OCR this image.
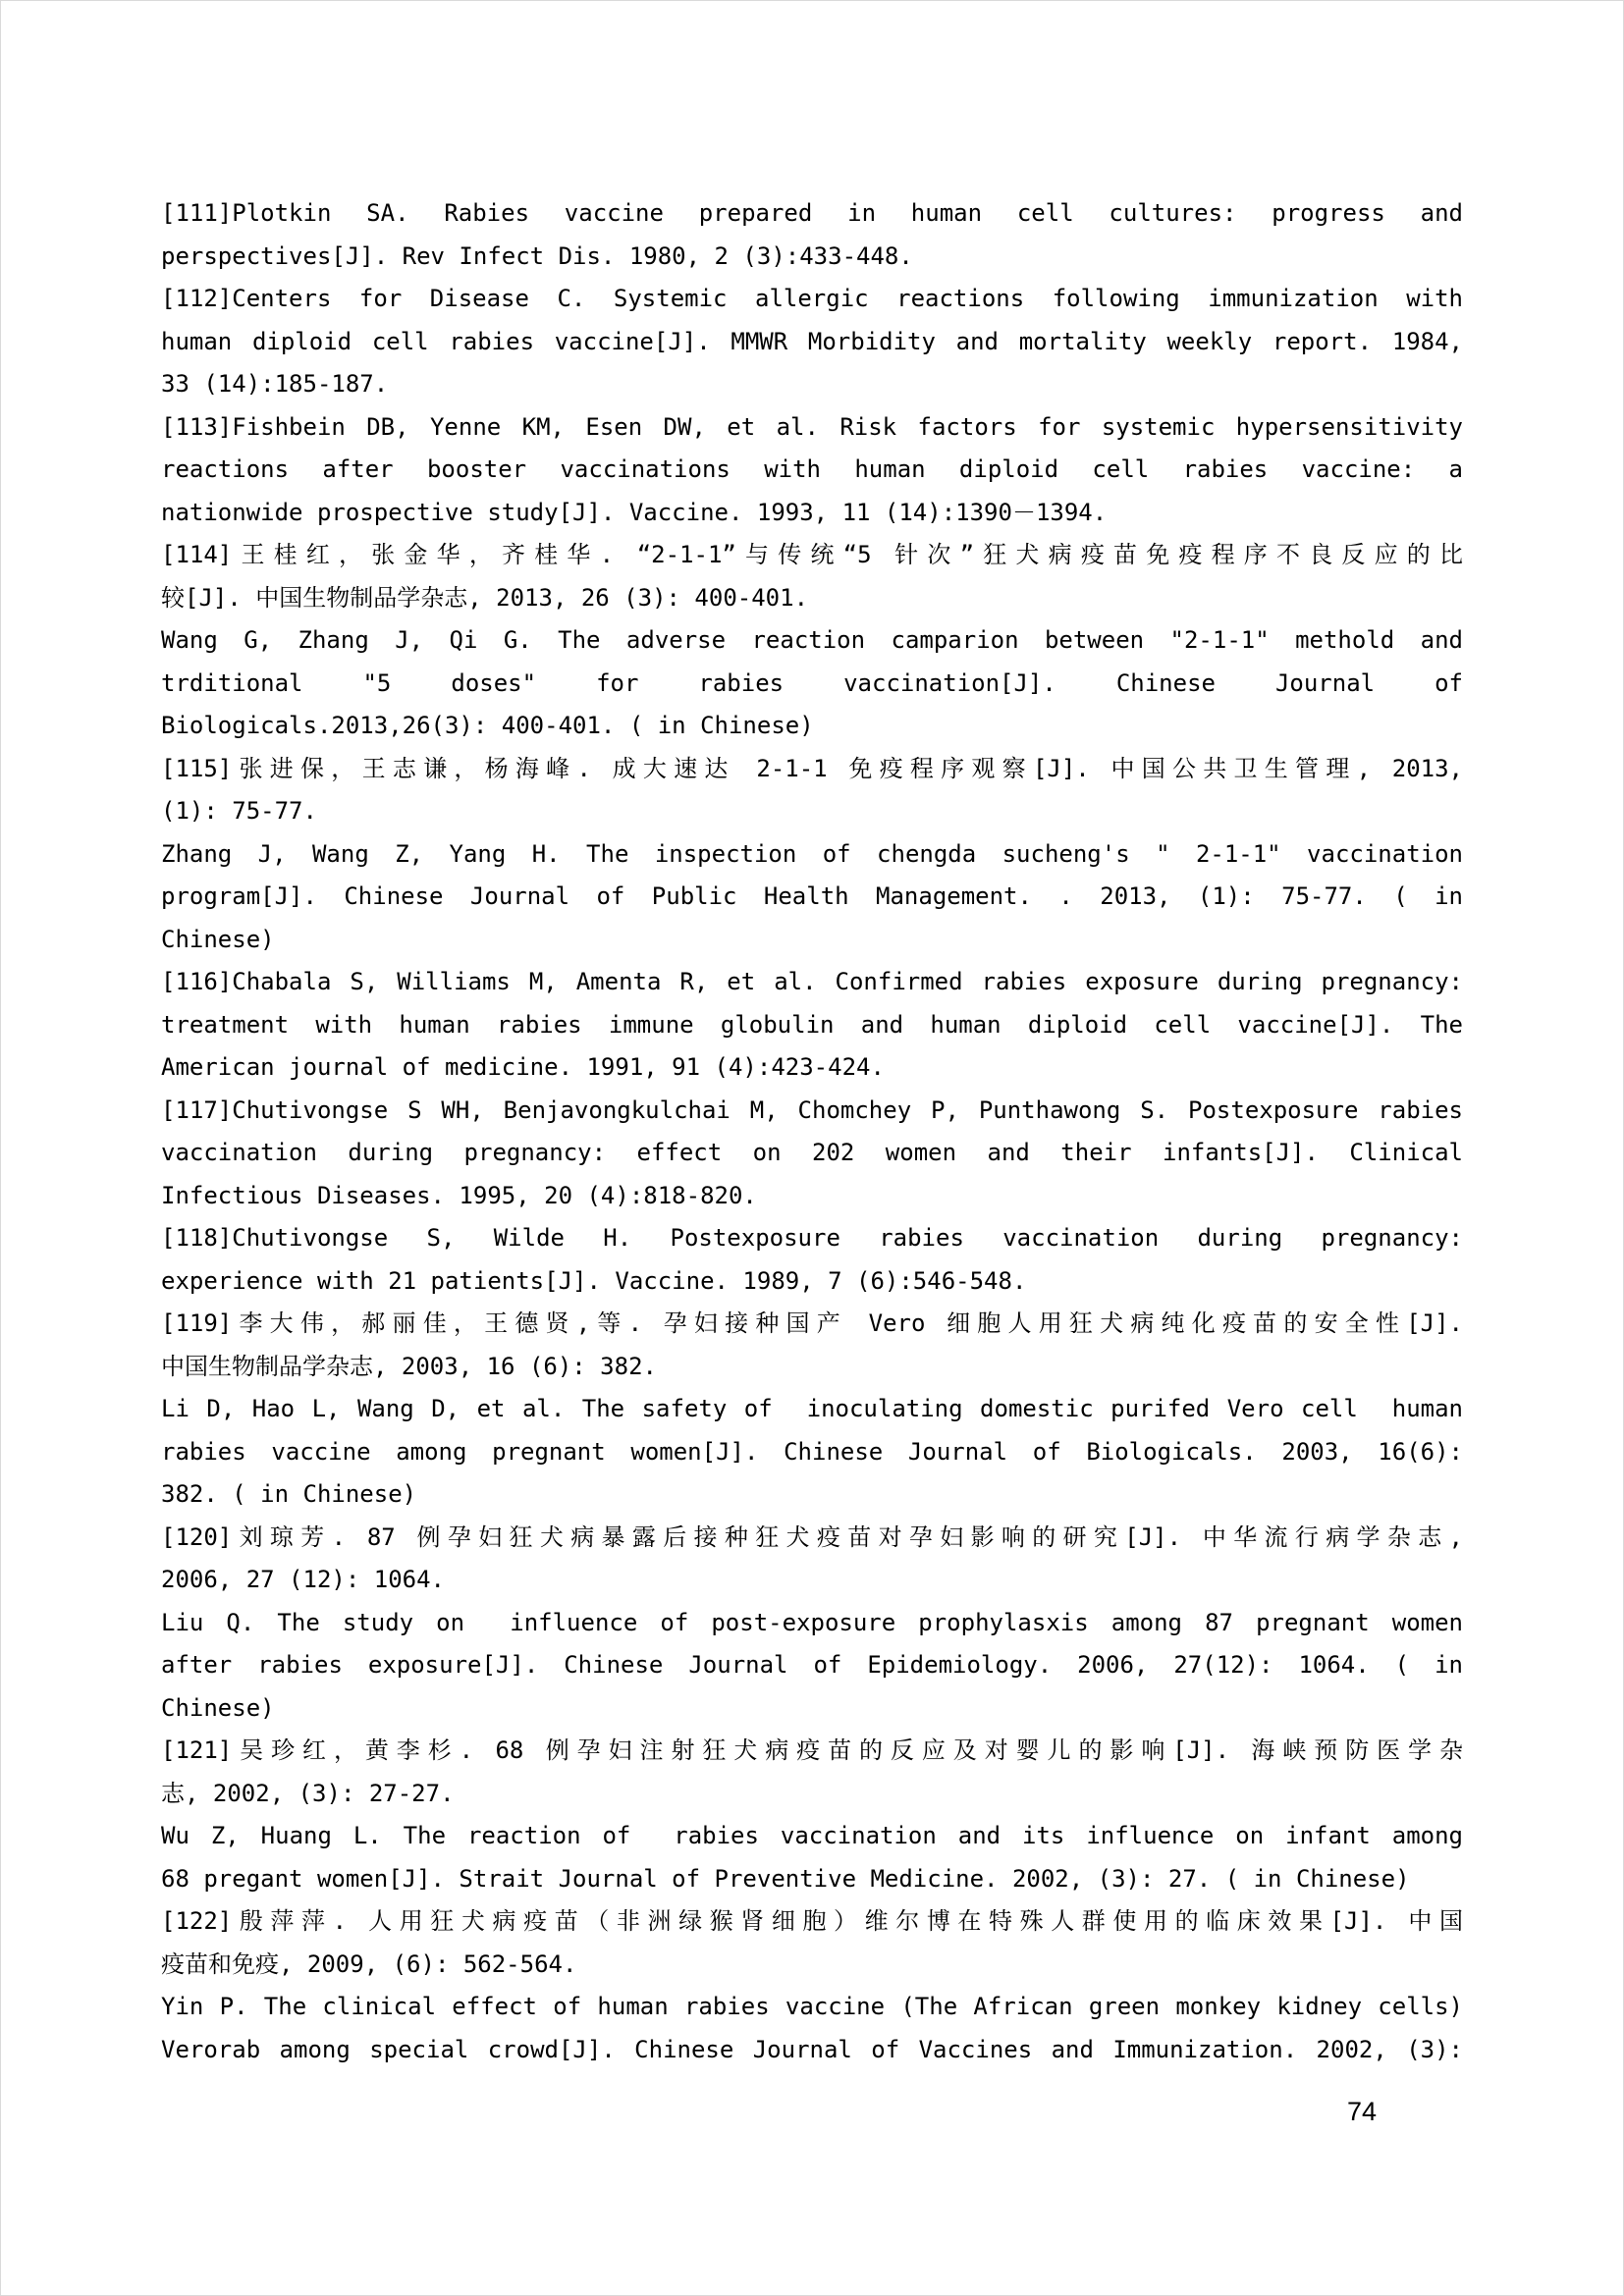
[111]Plotkin SA. Rabies vaccine prepared in human cell cultures: progress and
perspectives[J]. Rev Infect Dis. 1980, 2 (3):433-448.
[112]Centers for Disease C. Systemic allergic reactions following immunization with
human diploid cell rabies vaccine[J]. MMWR Morbidity and mortality weekly report. 1984,
33 (14):185-187.
[113]Fishbein DB, Yenne KM, Esen DW, et al. Risk factors for systemic hypersensitivity
reactions after booster vaccinations with human diploid cell rabies vaccine: a
nationwide prospective study[J]. Vaccine. 1993, 11 (14):1390－1394.
[114]王桂红，张金华，齐桂华. “2-1-1”与传统“5 针次”狂犬病疫苗免疫程序不良反应的比
较[J]. 中国生物制品学杂志, 2013, 26 (3): 400-401.
Wang G, Zhang J, Qi G. The adverse reaction camparion between "2-1-1" methold and
trditional "5 doses" for rabies vaccination[J]. Chinese Journal of
Biologicals.2013,26(3): 400-401. ( in Chinese)
[115]张进保，王志谦，杨海峰. 成大速达 2-1-1 免疫程序观察[J]. 中国公共卫生管理, 2013,
(1): 75-77.
Zhang J, Wang Z, Yang H. The inspection of chengda sucheng's " 2-1-1" vaccination
program[J]. Chinese Journal of Public Health Management. . 2013, (1): 75-77. ( in
Chinese)
[116]Chabala S, Williams M, Amenta R, et al. Confirmed rabies exposure during pregnancy:
treatment with human rabies immune globulin and human diploid cell vaccine[J]. The
American journal of medicine. 1991, 91 (4):423-424.
[117]Chutivongse S WH, Benjavongkulchai M, Chomchey P, Punthawong S. Postexposure rabies
vaccination during pregnancy: effect on 202 women and their infants[J]. Clinical
Infectious Diseases. 1995, 20 (4):818-820.
[118]Chutivongse S, Wilde H. Postexposure rabies vaccination during pregnancy:
experience with 21 patients[J]. Vaccine. 1989, 7 (6):546-548.
[119]李大伟，郝丽佳，王德贤,等. 孕妇接种国产 Vero 细胞人用狂犬病纯化疫苗的安全性[J].
中国生物制品学杂志, 2003, 16 (6): 382.
Li D, Hao L, Wang D, et al. The safety of  inoculating domestic purifed Vero cell  human
rabies vaccine among pregnant women[J]. Chinese Journal of Biologicals. 2003, 16(6):
382. ( in Chinese)
[120]刘琼芳. 87 例孕妇狂犬病暴露后接种狂犬疫苗对孕妇影响的研究[J]. 中华流行病学杂志,
2006, 27 (12): 1064.
Liu Q. The study on  influence of post-exposure prophylasxis among 87 pregnant women
after rabies exposure[J]. Chinese Journal of Epidemiology. 2006, 27(12): 1064. ( in
Chinese)
[121]吴珍红，黄李杉. 68 例孕妇注射狂犬病疫苗的反应及对婴儿的影响[J]. 海峡预防医学杂
志, 2002, (3): 27-27.
Wu Z, Huang L. The reaction of  rabies vaccination and its influence on infant among
68 pregant women[J]. Strait Journal of Preventive Medicine. 2002, (3): 27. ( in Chinese)
[122]殷萍萍. 人用狂犬病疫苗（非洲绿猴肾细胞）维尔博在特殊人群使用的临床效果[J]. 中国
疫苗和免疫, 2009, (6): 562-564.
Yin P. The clinical effect of human rabies vaccine (The African green monkey kidney cells)
Verorab among special crowd[J]. Chinese Journal of Vaccines and Immunization. 2002, (3):
74
